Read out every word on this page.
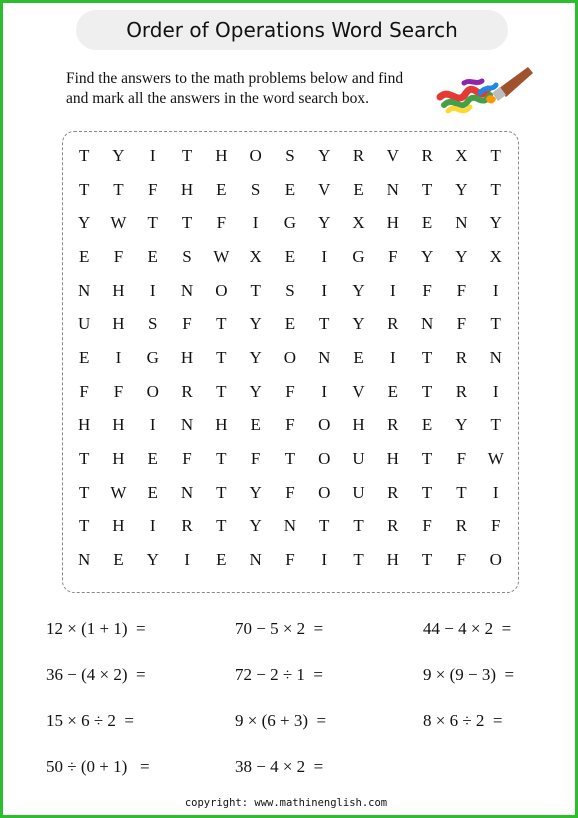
Order of Operations Word Search
Find the answers to the math problems below and find
and mark all the answers in the word search box.
T	Y	I	T	H	O	S	Y	R	V	R	X	T
T	T	F	H	E	S	E	V	E	N	T	Y	T
Y	W	T	T	F	I	G	Y	X	H	E	N	Y
E	F	E	S	W	X	E	I	G	F	Y	Y	X
N	H	I	N	O	T	S	I	Y	I	F	F	I
U	H	S	F	T	Y	E	T	Y	R	N	F	T
E	I	G	H	T	Y	O	N	E	I	T	R	N
F	F	O	R	T	Y	F	I	V	E	T	R	I
H	H	I	N	H	E	F	O	H	R	E	Y	T
T	H	E	F	T	F	T	O	U	H	T	F	W
T	W	E	N	T	Y	F	O	U	R	T	T	I
T	H	I	R	T	Y	N	T	T	R	F	R	F
N	E	Y	I	E	N	F	I	T	H	T	F	O
12 × (1 + 1)  =	70 − 5 × 2  =	44 − 4 × 2  =
36 − (4 × 2)  =	72 − 2 ÷ 1  =	9 × (9 − 3)  =
15 × 6 ÷ 2  =	9 × (6 + 3)  =	8 × 6 ÷ 2  =
50 ÷ (0 + 1)   =	38 − 4 × 2  =
copyright: www.mathinenglish.com
